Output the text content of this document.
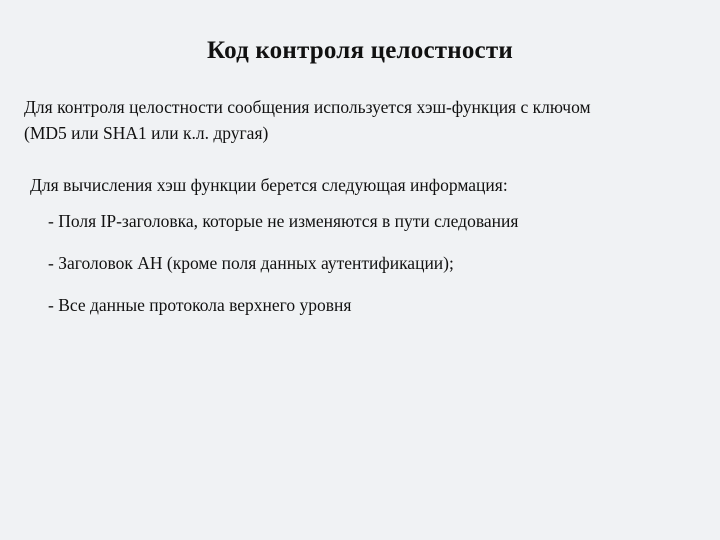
Код контроля целостности
Для контроля целостности сообщения используется хэш-функция с ключом
(MD5 или SHA1 или к.л. другая)
Для вычисления хэш функции берется следующая информация:
- Поля IP-заголовка, которые не изменяются в пути следования
- Заголовок AH (кроме поля данных аутентификации);
- Все данные протокола верхнего уровня
